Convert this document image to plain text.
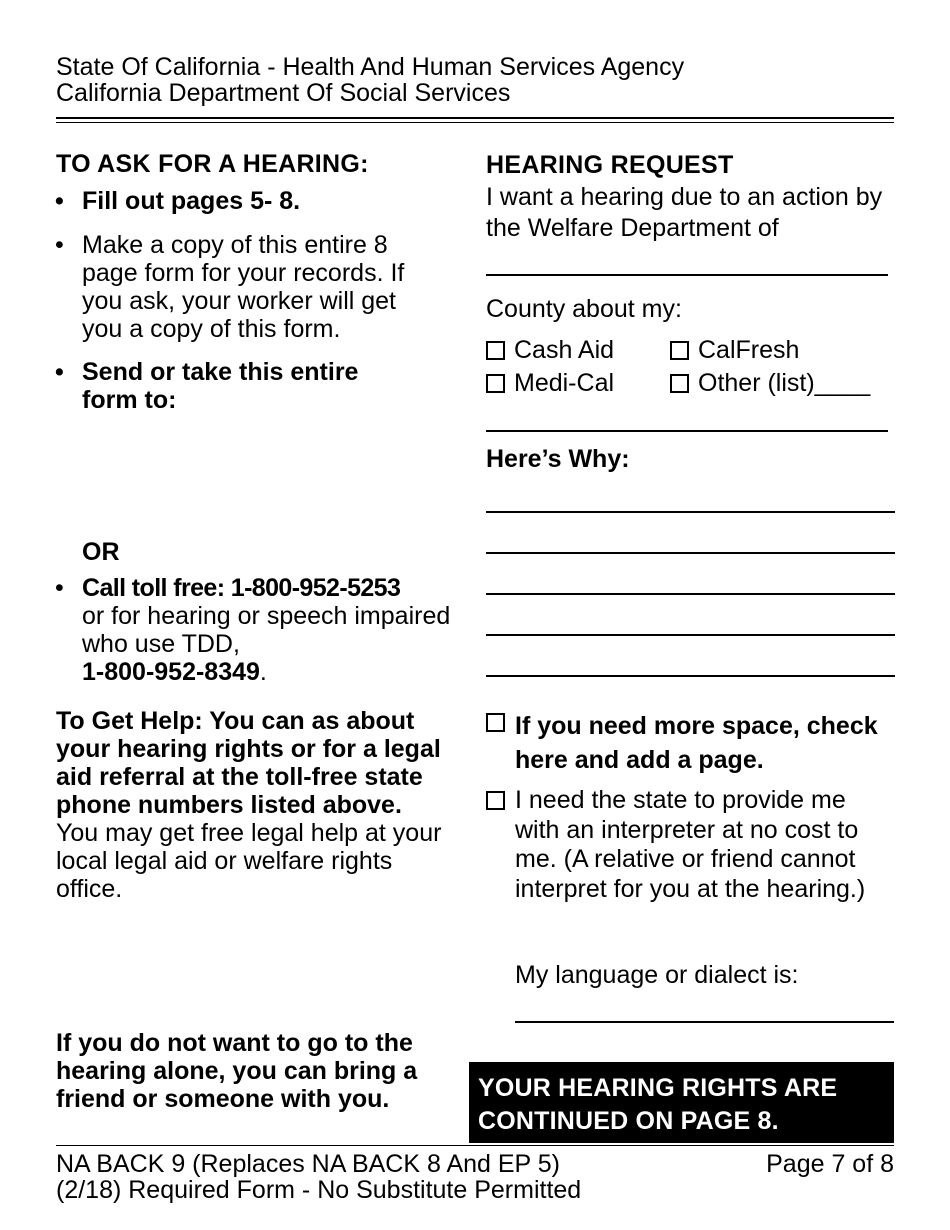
State Of California - Health And Human Services Agency
California Department Of Social Services
TO ASK FOR A HEARING:
• Fill out pages 5- 8.
• Make a copy of this entire 8 page form for your records. If you ask, your worker will get you a copy of this form.
• Send or take this entire form to:
OR
• Call toll free: 1-800-952-5253
or for hearing or speech impaired who use TDD,
1-800-952-8349.
To Get Help: You can as about your hearing rights or for a legal aid referral at the toll-free state phone numbers listed above. You may get free legal help at your local legal aid or welfare rights office.
If you do not want to go to the hearing alone, you can bring a friend or someone with you.
HEARING REQUEST
I want a hearing due to an action by the Welfare Department of
County about my:
Cash Aid	CalFresh
Medi-Cal	Other (list)____
Here’s Why:
If you need more space, check here and add a page.
I need the state to provide me with an interpreter at no cost to me. (A relative or friend cannot interpret for you at the hearing.)
My language or dialect is:
YOUR HEARING RIGHTS ARE CONTINUED ON PAGE 8.
NA BACK 9 (Replaces NA BACK 8 And EP 5)	Page 7 of 8
(2/18) Required Form - No Substitute Permitted
